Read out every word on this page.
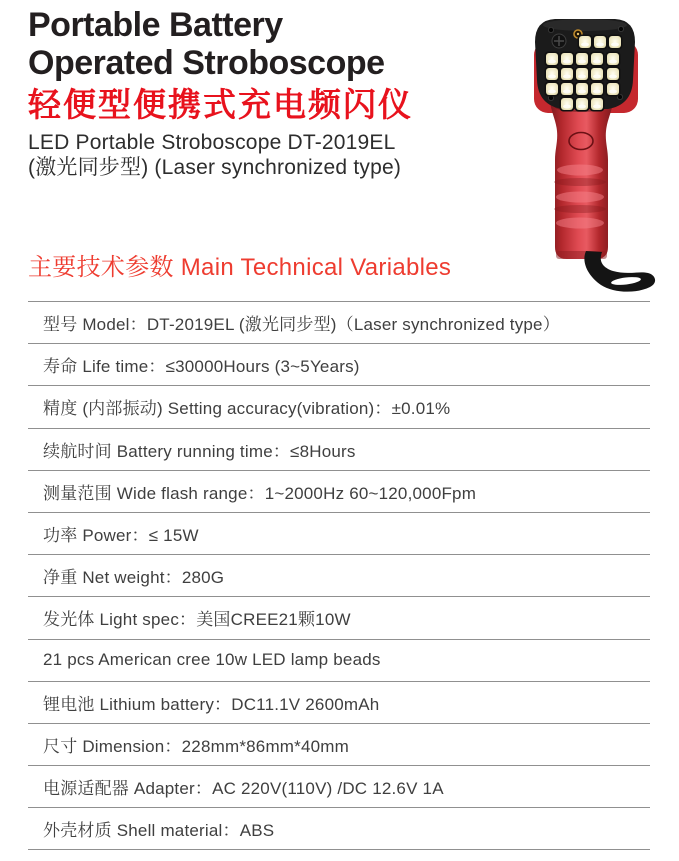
Portable Battery
Operated Stroboscope
轻便型便携式充电频闪仪

LED Portable Stroboscope DT-2019EL

(激光同步型) (Laser synchronized type)

主要技术参数 Main Technical Variables
型号 Model：DT-2019EL (激光同步型)（Laser synchronized type）
寿命 Life time：≤30000Hours (3~5Years)
精度 (内部振动) Setting accuracy(vibration)：±0.01%
续航时间 Battery running time：≤8Hours
测量范围 Wide flash range：1~2000Hz 60~120,000Fpm
功率 Power：≤ 15W
净重 Net weight：280G
发光体 Light spec：美国CREE21颗10W
21 pcs American cree 10w LED lamp beads
锂电池 Lithium battery：DC11.1V 2600mAh
尺寸 Dimension：228mm*86mm*40mm
电源适配器 Adapter：AC 220V(110V) /DC 12.6V 1A
外壳材质 Shell material：ABS
